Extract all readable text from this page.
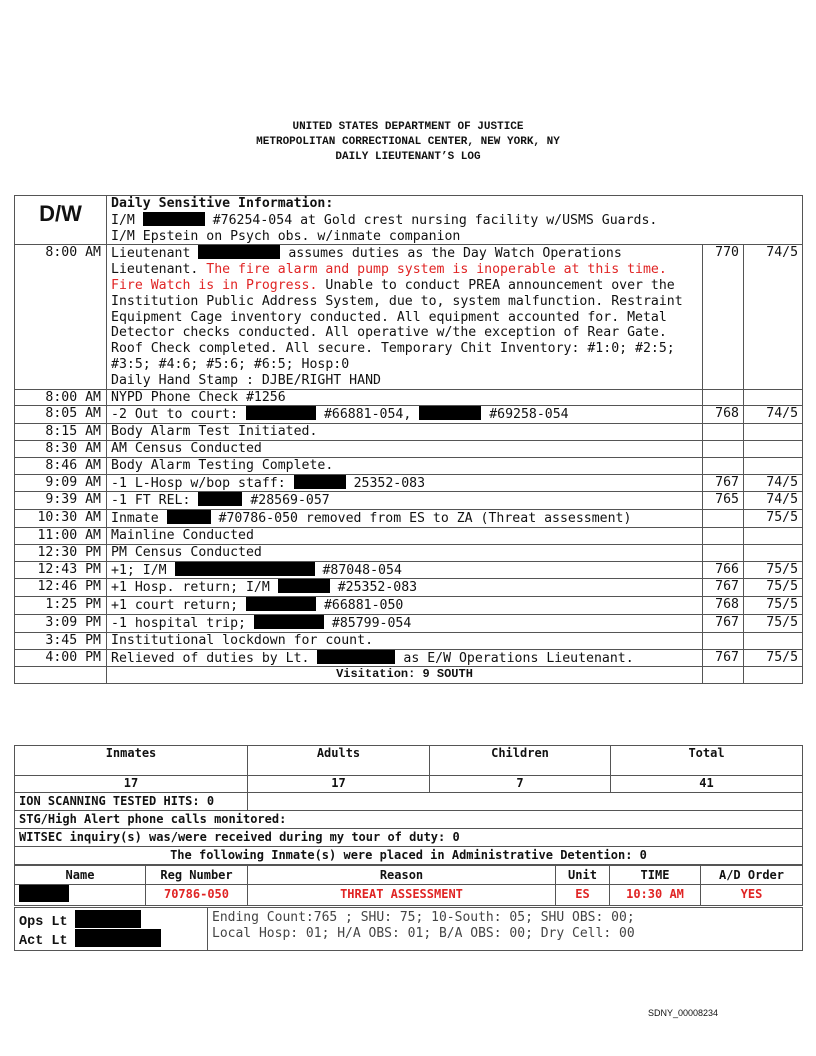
UNITED STATES DEPARTMENT OF JUSTICE
METROPOLITAN CORRECTIONAL CENTER, NEW YORK, NY
DAILY LIEUTENANT’S LOG
D/W	Daily Sensitive Information:
I/M #76254-054 at Gold crest nursing facility w/USMS Guards.
I/M Epstein on Psych obs. w/inmate companion		
8:00 AM	Lieutenant assumes duties as the Day Watch Operations Lieutenant. The fire alarm and pump system is inoperable at this time. Fire Watch is in Progress. Unable to conduct PREA announcement over the Institution Public Address System, due to, system malfunction. Restraint Equipment Cage inventory conducted. All equipment accounted for. Metal Detector checks conducted. All operative w/the exception of Rear Gate. Roof Check completed. All secure. Temporary Chit Inventory: #1:0; #2:5; #3:5; #4:6; #5:6; #6:5; Hosp:0
Daily Hand Stamp : DJBE/RIGHT HAND	770	74/5
8:00 AM	NYPD Phone Check #1256		
8:05 AM	-2 Out to court: #66881-054, #69258-054	768	74/5
8:15 AM	Body Alarm Test Initiated.		
8:30 AM	AM Census Conducted		
8:46 AM	Body Alarm Testing Complete.		
9:09 AM	-1 L-Hosp w/bop staff: 25352-083	767	74/5
9:39 AM	-1 FT REL: #28569-057	765	74/5
10:30 AM	Inmate #70786-050 removed from ES to ZA (Threat assessment)		75/5
11:00 AM	Mainline Conducted		
12:30 PM	PM Census Conducted		
12:43 PM	+1; I/M #87048-054	766	75/5
12:46 PM	+1 Hosp. return; I/M #25352-083	767	75/5
1:25 PM	+1 court return; #66881-050	768	75/5
3:09 PM	-1 hospital trip; #85799-054	767	75/5
3:45 PM	Institutional lockdown for count.		
4:00 PM	Relieved of duties by Lt. as E/W Operations Lieutenant.	767	75/5
	Visitation: 9 SOUTH		
Inmates	Adults	Children	Total
17	17	7	41
ION SCANNING TESTED HITS: 0	
STG/High Alert phone calls monitored:
WITSEC inquiry(s) was/were received during my tour of duty: 0
The following Inmate(s) were placed in Administrative Detention: 0
Name	Reg Number	Reason	Unit	TIME	A/D Order
	70786-050	THREAT ASSESSMENT	ES	10:30 AM	YES
Ops Lt
Act Lt

Ending Count:765 ; SHU: 75; 10-South: 05; SHU OBS: 00;
Local Hosp: 01; H/A OBS: 01; B/A OBS: 00; Dry Cell: 00
SDNY_00008234
